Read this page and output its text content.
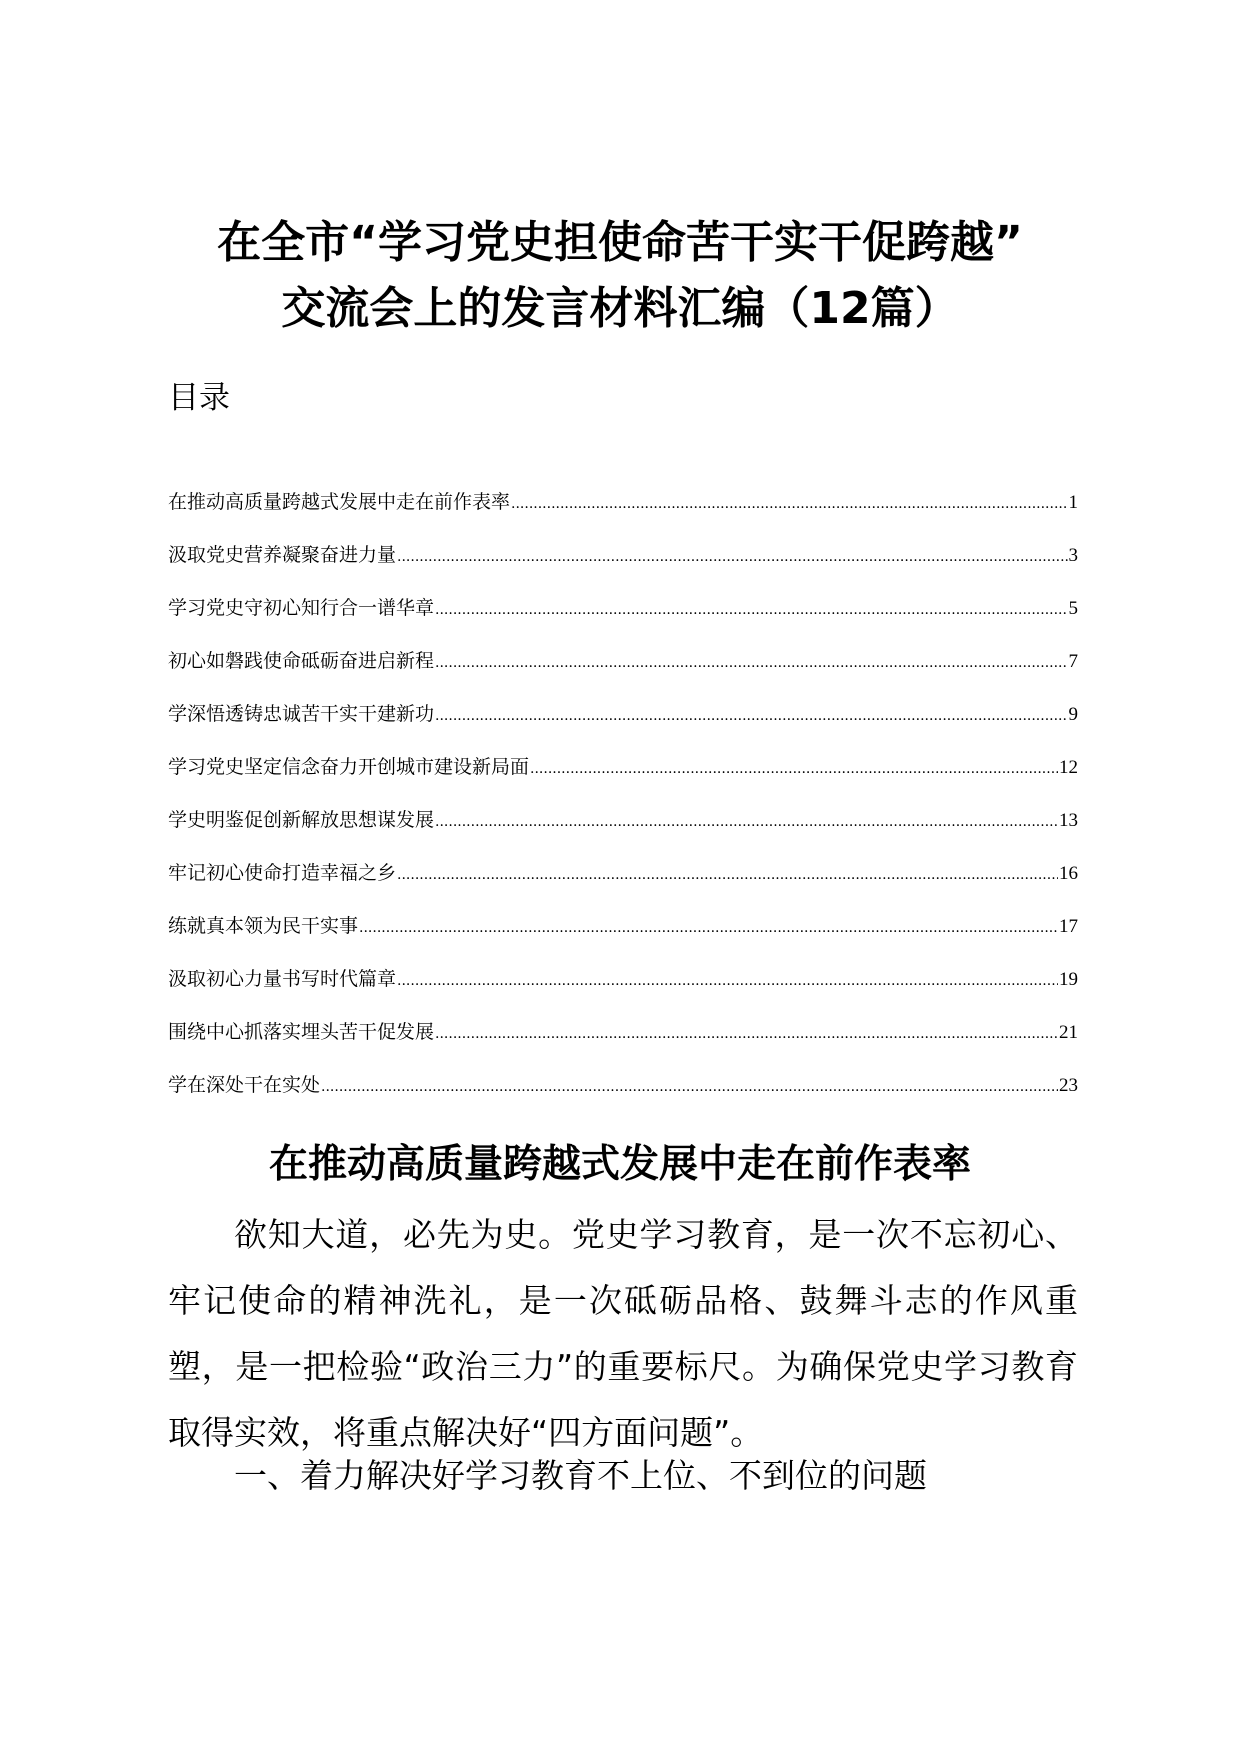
在全市“学习党史担使命苦干实干促跨越”
交流会上的发言材料汇编（12篇）
目录
在推动高质量跨越式发展中走在前作表率 .....	1
汲取党史营养凝聚奋进力量 .....	3
学习党史守初心知行合一谱华章 .....	5
初心如磐践使命砥砺奋进启新程 .....	7
学深悟透铸忠诚苦干实干建新功 .....	9
学习党史坚定信念奋力开创城市建设新局面 .....	12
学史明鉴促创新解放思想谋发展 .....	13
牢记初心使命打造幸福之乡 .....	16
练就真本领为民干实事 .....	17
汲取初心力量书写时代篇章 .....	19
围绕中心抓落实埋头苦干促发展 .....	21
学在深处干在实处 .....	23
在推动高质量跨越式发展中走在前作表率

欲知大道，必先为史。党史学习教育，是一次不忘初心、牢记使命的精神洗礼，是一次砥砺品格、鼓舞斗志的作风重塑，是一把检验“政治三力”的重要标尺。为确保党史学习教育取得实效，将重点解决好“四方面问题”。

一、着力解决好学习教育不上位、不到位的问题
